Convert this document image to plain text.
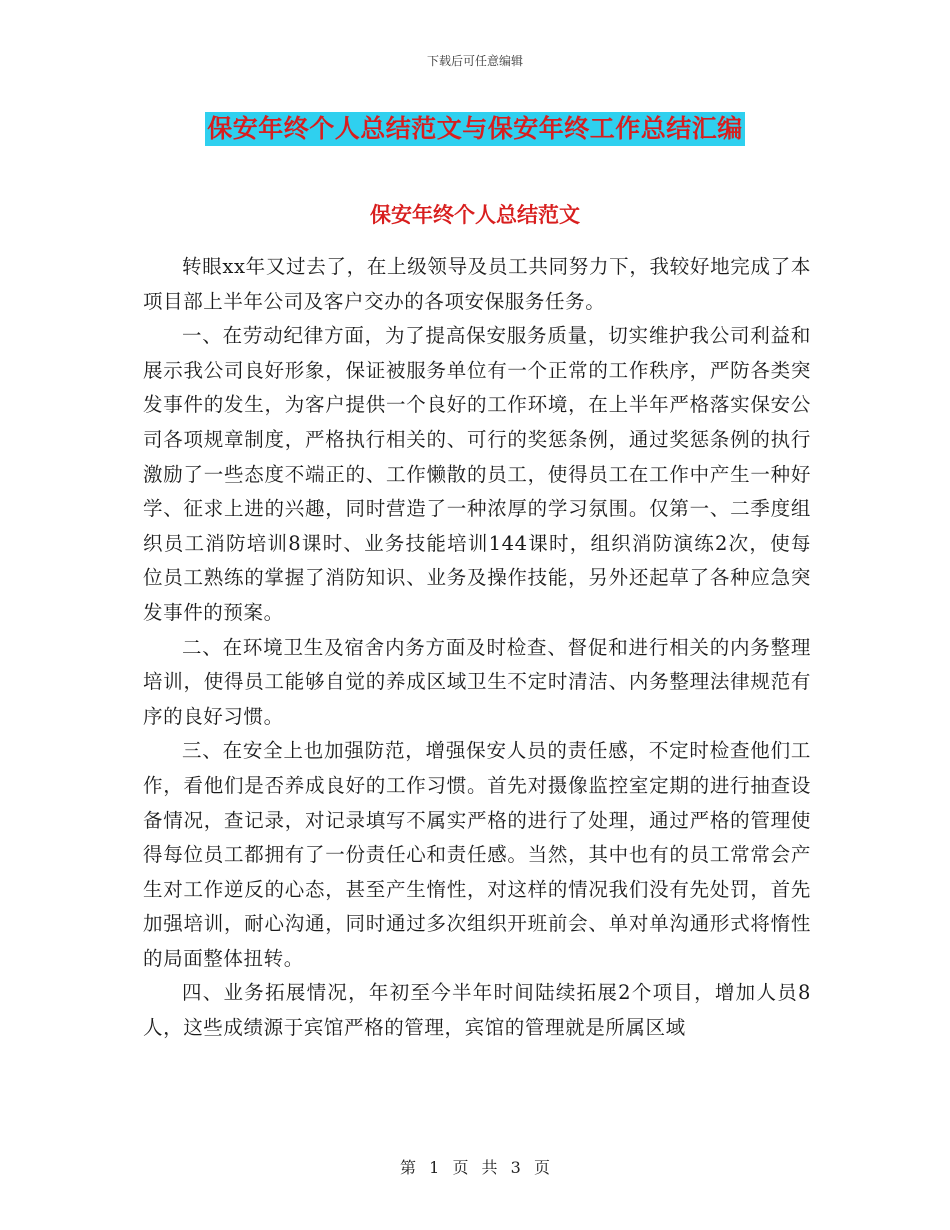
下载后可任意编辑
保安年终个人总结范文与保安年终工作总结汇编
保安年终个人总结范文

转眼xx年又过去了，在上级领导及员工共同努力下，我较好地完成了本项目部上半年公司及客户交办的各项安保服务任务。

一、在劳动纪律方面，为了提高保安服务质量，切实维护我公司利益和展示我公司良好形象，保证被服务单位有一个正常的工作秩序，严防各类突发事件的发生，为客户提供一个良好的工作环境，在上半年严格落实保安公司各项规章制度，严格执行相关的、可行的奖惩条例，通过奖惩条例的执行激励了一些态度不端正的、工作懒散的员工，使得员工在工作中产生一种好学、征求上进的兴趣，同时营造了一种浓厚的学习氛围。仅第一、二季度组织员工消防培训8课时、业务技能培训144课时，组织消防演练2次，使每位员工熟练的掌握了消防知识、业务及操作技能，另外还起草了各种应急突发事件的预案。

二、在环境卫生及宿舍内务方面及时检查、督促和进行相关的内务整理培训，使得员工能够自觉的养成区域卫生不定时清洁、内务整理法律规范有序的良好习惯。

三、在安全上也加强防范，增强保安人员的责任感，不定时检查他们工作，看他们是否养成良好的工作习惯。首先对摄像监控室定期的进行抽查设备情况，查记录，对记录填写不属实严格的进行了处理，通过严格的管理使得每位员工都拥有了一份责任心和责任感。当然，其中也有的员工常常会产生对工作逆反的心态，甚至产生惰性，对这样的情况我们没有先处罚，首先加强培训，耐心沟通，同时通过多次组织开班前会、单对单沟通形式将惰性的局面整体扭转。

四、业务拓展情况，年初至今半年时间陆续拓展2个项目，增加人员8人，这些成绩源于宾馆严格的管理，宾馆的管理就是所属区域

第 1 页 共 3 页
